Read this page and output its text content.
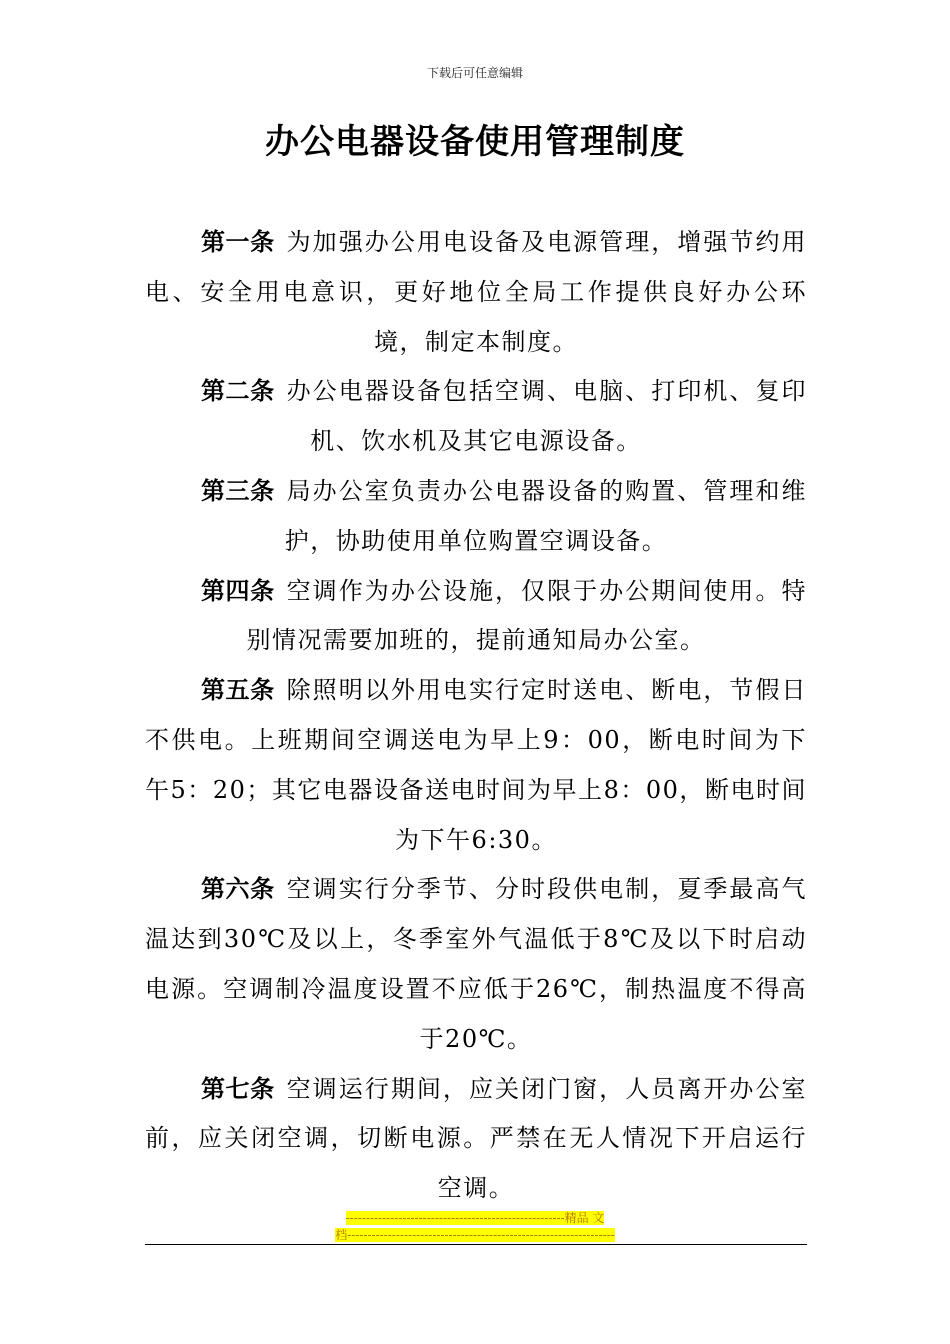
下载后可任意编辑
办公电器设备使用管理制度

第一条 为加强办公用电设备及电源管理，增强节约用电、安全用电意识，更好地位全局工作提供良好办公环境，制定本制度。

第二条 办公电器设备包括空调、电脑、打印机、复印机、饮水机及其它电源设备。

第三条 局办公室负责办公电器设备的购置、管理和维护，协助使用单位购置空调设备。

第四条 空调作为办公设施，仅限于办公期间使用。特别情况需要加班的，提前通知局办公室。

第五条 除照明以外用电实行定时送电、断电，节假日不供电。上班期间空调送电为早上9：00，断电时间为下午5：20；其它电器设备送电时间为早上8：00，断电时间为下午6:30。

第六条 空调实行分季节、分时段供电制，夏季最高气温达到30℃及以上，冬季室外气温低于8℃及以下时启动电源。空调制冷温度设置不应低于26℃，制热温度不得高于20℃。

第七条 空调运行期间，应关闭门窗，人员离开办公室前，应关闭空调，切断电源。严禁在无人情况下开启运行空调。

------------------------------------------------------精品 文
档------------------------------------------------------------------
